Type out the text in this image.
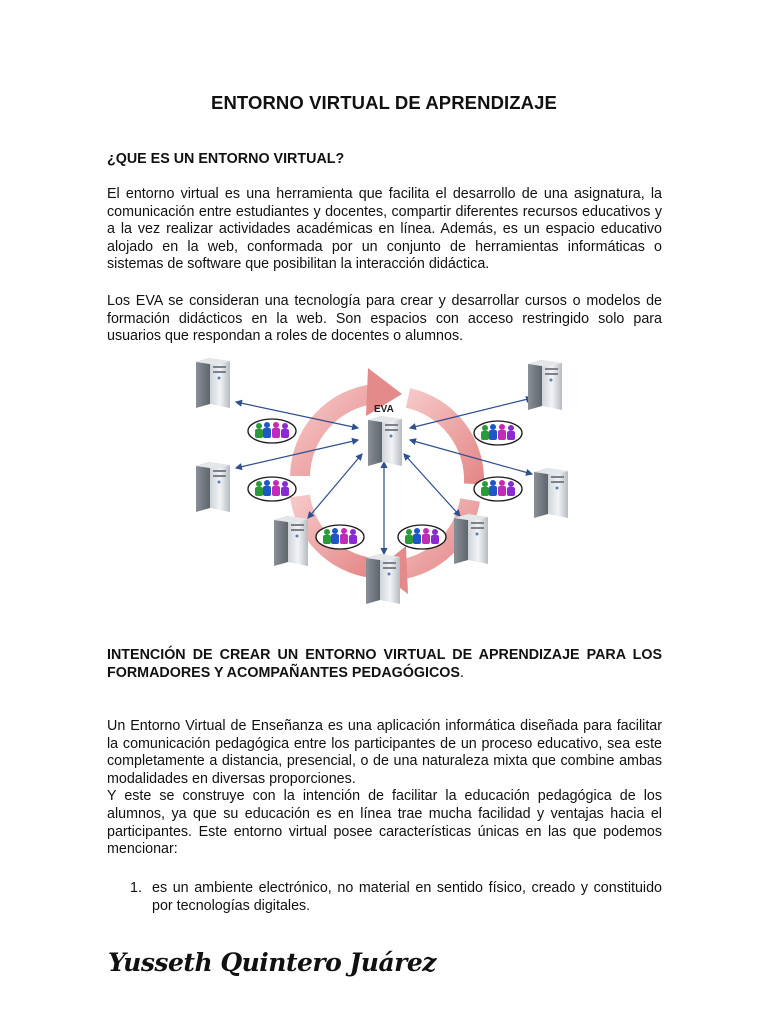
ENTORNO VIRTUAL DE APRENDIZAJE
¿QUE ES UN ENTORNO VIRTUAL?

El entorno virtual es una herramienta que facilita el desarrollo de una asignatura, la comunicación entre estudiantes y docentes, compartir diferentes recursos educativos y a la vez realizar actividades académicas en línea. Además, es un espacio educativo alojado en la web, conformada por un conjunto de herramientas informáticas o sistemas de software que posibilitan la interacción didáctica.

Los EVA se consideran una tecnología para crear y desarrollar cursos o modelos de formación didácticos en la web. Son espacios con acceso restringido solo para usuarios que respondan a roles de docentes o alumnos.

EVA
INTENCIÓN DE CREAR UN ENTORNO VIRTUAL DE APRENDIZAJE PARA LOS FORMADORES Y ACOMPAÑANTES PEDAGÓGICOS.

Un Entorno Virtual de Enseñanza es una aplicación informática diseñada para facilitar la comunicación pedagógica entre los participantes de un proceso educativo, sea este completamente a distancia, presencial, o de una naturaleza mixta que combine ambas modalidades en diversas proporciones.

Y este se construye con la intención de facilitar la educación pedagógica de los alumnos, ya que su educación es en línea trae mucha facilidad y ventajas hacia el participantes. Este entorno virtual posee características únicas en las que podemos mencionar:

1. es un ambiente electrónico, no material en sentido físico, creado y constituido por tecnologías digitales.
Yusseth Quintero Juárez
